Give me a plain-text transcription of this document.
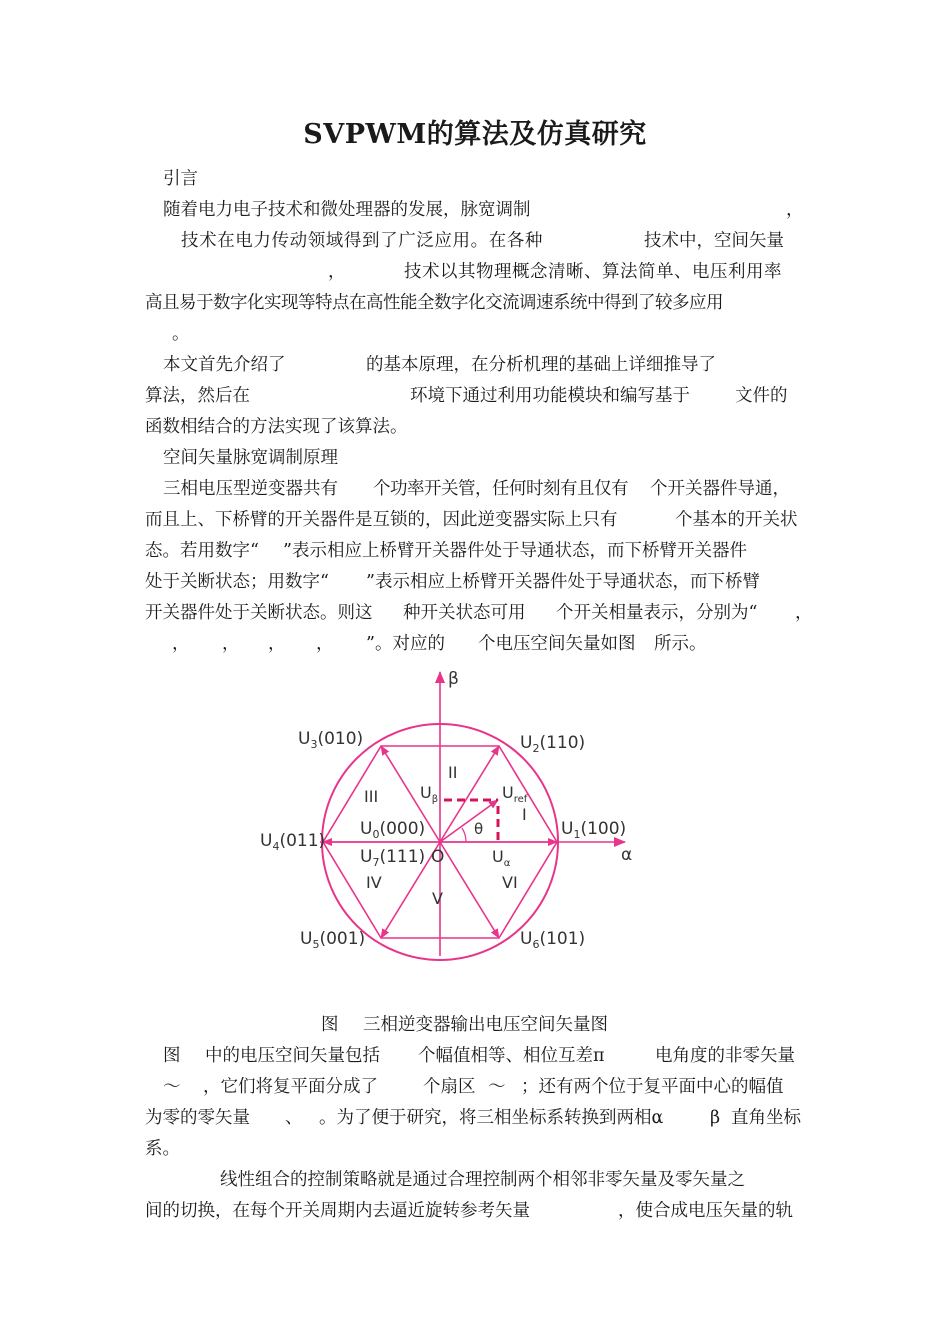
SVPWM的算法及仿真研究
引言
随着电力电子技术和微处理器的发展，脉宽调制	，
技术在电力传动领域得到了广泛应用。在各种	技术中，空间矢量
，	技术以其物理概念清晰、算法简单、电压利用率
高且易于数字化实现等特点在高性能全数字化交流调速系统中得到了较多应用
。
本文首先介绍了	的基本原理，在分析机理的基础上详细推导了
算法，然后在	环境下通过利用功能模块和编写基于	文件的
函数相结合的方法实现了该算法。
空间矢量脉宽调制原理
三相电压型逆变器共有 个功率开关管，任何时刻有且仅有 个开关器件导通，
而且上、下桥臂的开关器件是互锁的，因此逆变器实际上只有	个基本的开关状
态。若用数字“ ”表示相应上桥臂开关器件处于导通状态，而下桥臂开关器件
处于关断状态；用数字“ ”表示相应上桥臂开关器件处于导通状态，而下桥臂
开关器件处于关断状态。则这 种开关状态可用 个开关相量表示，分别为“ ，
， ， ， ， ”。对应的 个电压空间矢量如图 所示。
β
α
$U_3(010)$	$U_2(110)$
$U_4(011)$
$U_1(100)$
$U_5(001)$	$U_6(101)$
$U_0(000)$
$U_7(111)$ O
I
II
III
IV
V
VI
θ
$U_\beta$	$U_{ref}$
$U_\alpha$
图 三相逆变器输出电压空间矢量图
图 中的电压空间矢量包括 个幅值相等、相位互差π	电角度的非零矢量
～ ，它们将复平面分成了	个扇区 ～ ；还有两个位于复平面中心的幅值
为零的零矢量 、 。为了便于研究，将三相坐标系转换到两相α	β 直角坐标
系。
线性组合的控制策略就是通过合理控制两个相邻非零矢量及零矢量之
间的切换，在每个开关周期内去逼近旋转参考矢量	，使合成电压矢量的轨
